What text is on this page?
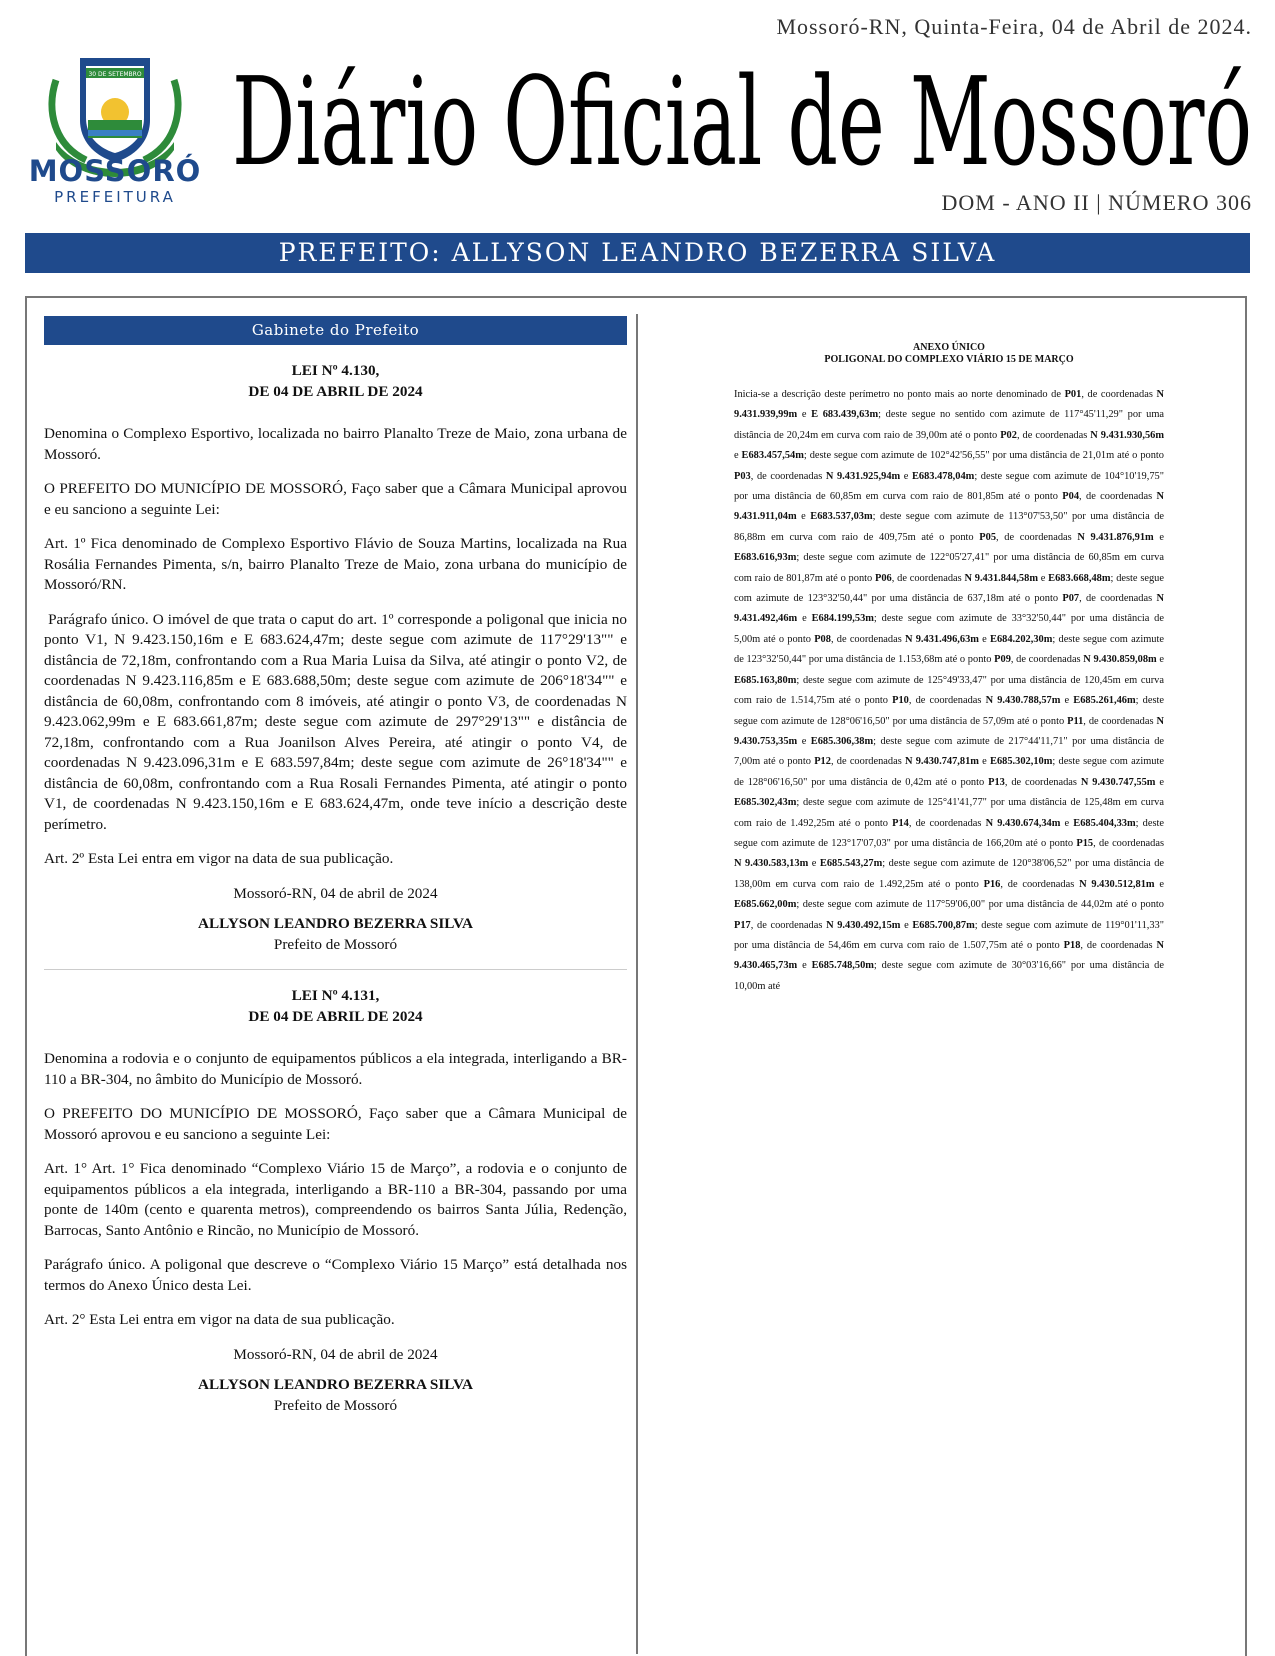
Mossoró-RN, Quinta-Feira, 04 de Abril de 2024.
30 DE SETEMBRO
MOSSORÓ
PREFEITURA
Diário Oficial de Mossoró
DOM - ANO II | NÚMERO 306
PREFEITO: ALLYSON LEANDRO BEZERRA SILVA
Gabinete do Prefeito
LEI Nº 4.130,
DE 04 DE ABRIL DE 2024

Denomina o Complexo Esportivo, localizada no bairro Planalto Treze de Maio, zona urbana de Mossoró.

O PREFEITO DO MUNICÍPIO DE MOSSORÓ, Faço saber que a Câmara Municipal aprovou e eu sanciono a seguinte Lei:

Art. 1º Fica denominado de Complexo Esportivo Flávio de Souza Martins, localizada na Rua Rosália Fernandes Pimenta, s/n, bairro Planalto Treze de Maio, zona urbana do município de Mossoró/RN.

Parágrafo único. O imóvel de que trata o caput do art. 1º corresponde a poligonal que inicia no ponto V1, N 9.423.150,16m e E 683.624,47m; deste segue com azimute de 117°29'13"" e distância de 72,18m, confrontando com a Rua Maria Luisa da Silva, até atingir o ponto V2, de coordenadas N 9.423.116,85m e E 683.688,50m; deste segue com azimute de 206°18'34"" e distância de 60,08m, confrontando com 8 imóveis, até atingir o ponto V3, de coordenadas N 9.423.062,99m e E 683.661,87m; deste segue com azimute de 297°29'13"" e distância de 72,18m, confrontando com a Rua Joanilson Alves Pereira, até atingir o ponto V4, de coordenadas N 9.423.096,31m e E 683.597,84m; deste segue com azimute de 26°18'34"" e distância de 60,08m, confrontando com a Rua Rosali Fernandes Pimenta, até atingir o ponto V1, de coordenadas N 9.423.150,16m e E 683.624,47m, onde teve início a descrição deste perímetro.

Art. 2º Esta Lei entra em vigor na data de sua publicação.

Mossoró-RN, 04 de abril de 2024
ALLYSON LEANDRO BEZERRA SILVA
Prefeito de Mossoró
LEI Nº 4.131,
DE 04 DE ABRIL DE 2024

Denomina a rodovia e o conjunto de equipamentos públicos a ela integrada, interligando a BR-110 a BR-304, no âmbito do Município de Mossoró.

O PREFEITO DO MUNICÍPIO DE MOSSORÓ, Faço saber que a Câmara Municipal de Mossoró aprovou e eu sanciono a seguinte Lei:

Art. 1° Art. 1° Fica denominado “Complexo Viário 15 de Março”, a rodovia e o conjunto de equipamentos públicos a ela integrada, interligando a BR-110 a BR-304, passando por uma ponte de 140m (cento e quarenta metros), compreendendo os bairros Santa Júlia, Redenção, Barrocas, Santo Antônio e Rincão, no Município de Mossoró.

Parágrafo único. A poligonal que descreve o “Complexo Viário 15 Março” está detalhada nos termos do Anexo Único desta Lei.

Art. 2° Esta Lei entra em vigor na data de sua publicação.

Mossoró-RN, 04 de abril de 2024
ALLYSON LEANDRO BEZERRA SILVA
Prefeito de Mossoró
ANEXO ÚNICO
POLIGONAL DO COMPLEXO VIÁRIO 15 DE MARÇO
Inicia-se a descrição deste perímetro no ponto mais ao norte denominado de P01, de coordenadas N 9.431.939,99m e E 683.439,63m; deste segue no sentido com azimute de 117°45'11,29" por uma distância de 20,24m em curva com raio de 39,00m até o ponto P02, de coordenadas N 9.431.930,56m e E683.457,54m; deste segue com azimute de 102°42'56,55" por uma distância de 21,01m até o ponto P03, de coordenadas N 9.431.925,94m e E683.478,04m; deste segue com azimute de 104°10'19,75" por uma distância de 60,85m em curva com raio de 801,85m até o ponto P04, de coordenadas N 9.431.911,04m e E683.537,03m; deste segue com azimute de 113°07'53,50" por uma distância de 86,88m em curva com raio de 409,75m até o ponto P05, de coordenadas N 9.431.876,91m e E683.616,93m; deste segue com azimute de 122°05'27,41" por uma distância de 60,85m em curva com raio de 801,87m até o ponto P06, de coordenadas N 9.431.844,58m e E683.668,48m; deste segue com azimute de 123°32'50,44" por uma distância de 637,18m até o ponto P07, de coordenadas N 9.431.492,46m e E684.199,53m; deste segue com azimute de 33°32'50,44" por uma distância de 5,00m até o ponto P08, de coordenadas N 9.431.496,63m e E684.202,30m; deste segue com azimute de 123°32'50,44" por uma distância de 1.153,68m até o ponto P09, de coordenadas N 9.430.859,08m e E685.163,80m; deste segue com azimute de 125°49'33,47" por uma distância de 120,45m em curva com raio de 1.514,75m até o ponto P10, de coordenadas N 9.430.788,57m e E685.261,46m; deste segue com azimute de 128°06'16,50" por uma distância de 57,09m até o ponto P11, de coordenadas N 9.430.753,35m e E685.306,38m; deste segue com azimute de 217°44'11,71" por uma distância de 7,00m até o ponto P12, de coordenadas N 9.430.747,81m e E685.302,10m; deste segue com azimute de 128°06'16,50" por uma distância de 0,42m até o ponto P13, de coordenadas N 9.430.747,55m e E685.302,43m; deste segue com azimute de 125°41'41,77" por uma distância de 125,48m em curva com raio de 1.492,25m até o ponto P14, de coordenadas N 9.430.674,34m e E685.404,33m; deste segue com azimute de 123°17'07,03" por uma distância de 166,20m até o ponto P15, de coordenadas N 9.430.583,13m e E685.543,27m; deste segue com azimute de 120°38'06,52" por uma distância de 138,00m em curva com raio de 1.492,25m até o ponto P16, de coordenadas N 9.430.512,81m e E685.662,00m; deste segue com azimute de 117°59'06,00" por uma distância de 44,02m até o ponto P17, de coordenadas N 9.430.492,15m e E685.700,87m; deste segue com azimute de 119°01'11,33" por uma distância de 54,46m em curva com raio de 1.507,75m até o ponto P18, de coordenadas N 9.430.465,73m e E685.748,50m; deste segue com azimute de 30°03'16,66" por uma distância de 10,00m até
